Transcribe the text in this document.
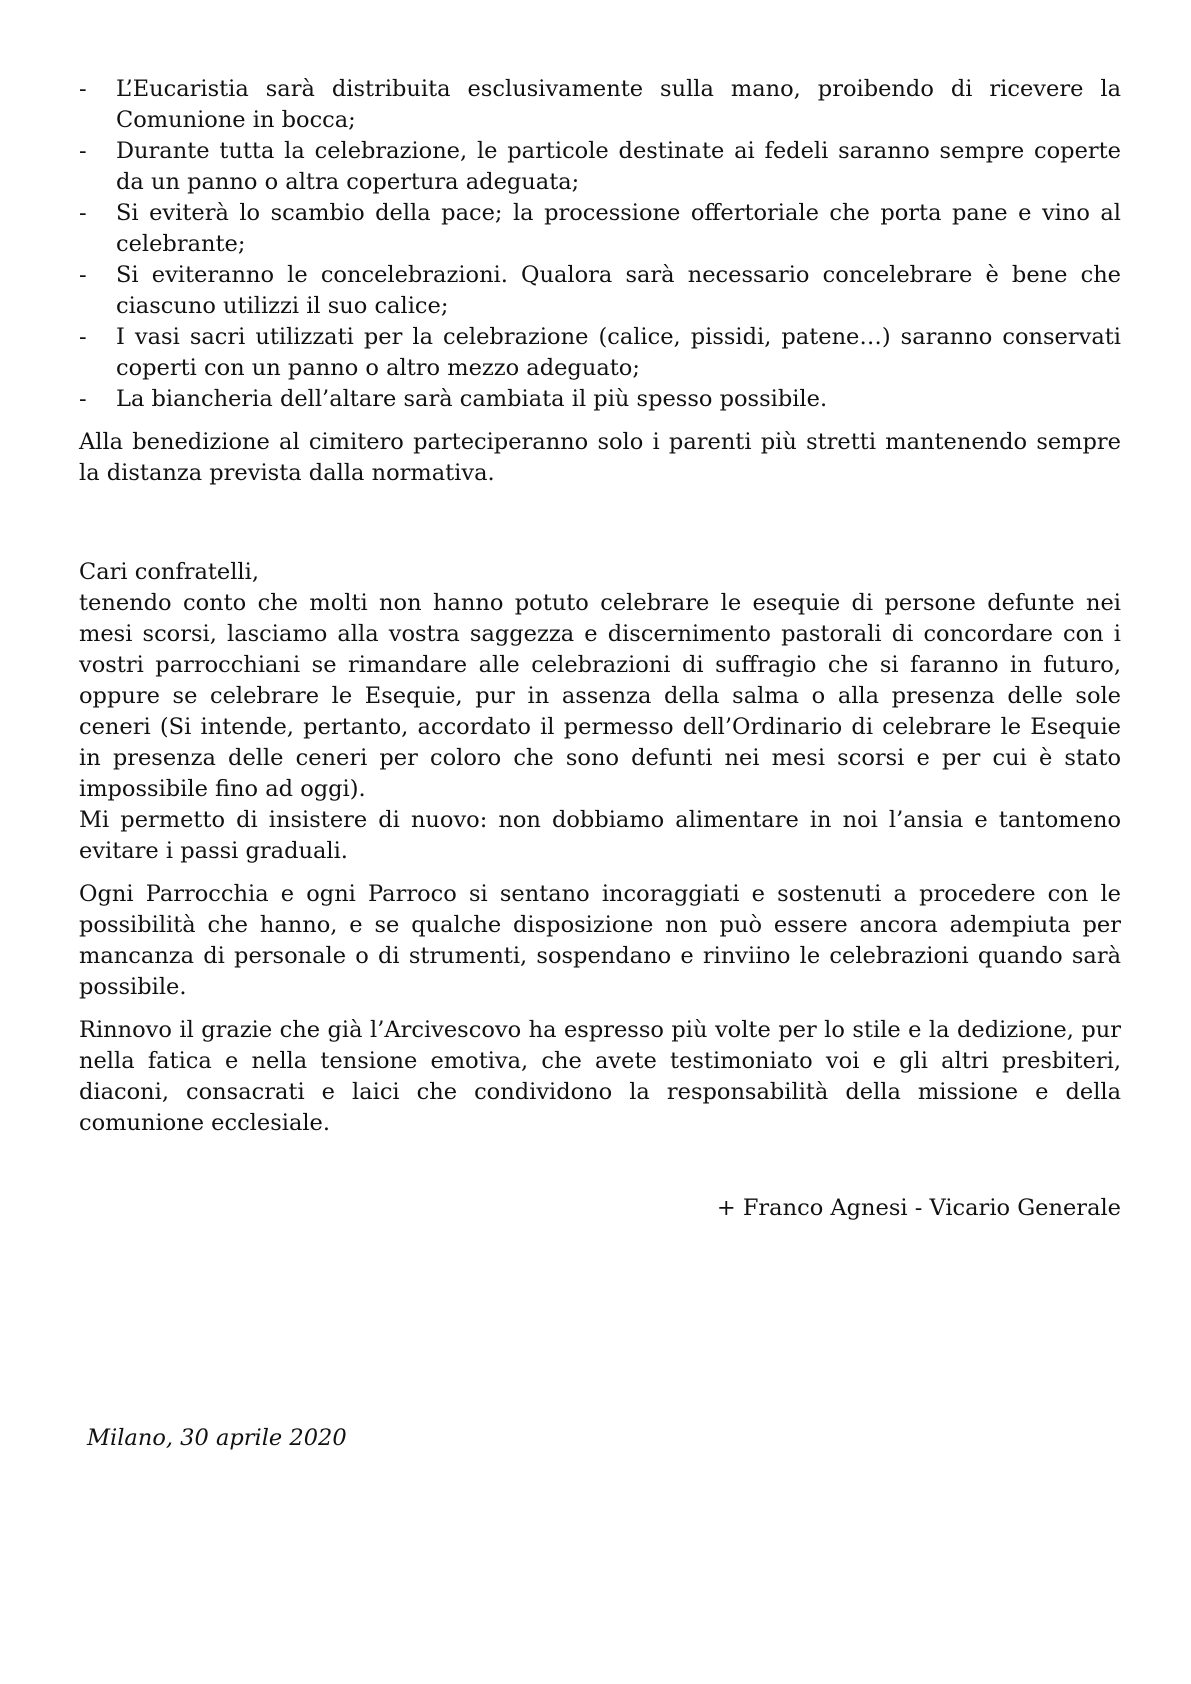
-	L’Eucaristia sarà distribuita esclusivamente sulla mano, proibendo di ricevere la Comunione in bocca;
-	Durante tutta la celebrazione, le particole destinate ai fedeli saranno sempre coperte da un panno o altra copertura adeguata;
-	Si eviterà lo scambio della pace; la processione offertoriale che porta pane e vino al celebrante;
-	Si eviteranno le concelebrazioni. Qualora sarà necessario concelebrare è bene che ciascuno utilizzi il suo calice;
-	I vasi sacri utilizzati per la celebrazione (calice, pissidi, patene…) saranno conservati coperti con un panno o altro mezzo adeguato;
-	La biancheria dell’altare sarà cambiata il più spesso possibile.

Alla benedizione al cimitero parteciperanno solo i parenti più stretti mantenendo sempre la distanza prevista dalla normativa.

Cari confratelli,

tenendo conto che molti non hanno potuto celebrare le esequie di persone defunte nei mesi scorsi, lasciamo alla vostra saggezza e discernimento pastorali di concordare con i vostri parrocchiani se rimandare alle celebrazioni di suffragio che si faranno in futuro, oppure se celebrare le Esequie, pur in assenza della salma o alla presenza delle sole ceneri (Si intende, pertanto, accordato il permesso dell’Ordinario di celebrare le Esequie in presenza delle ceneri per coloro che sono defunti nei mesi scorsi e per cui è stato impossibile fino ad oggi).

Mi permetto di insistere di nuovo: non dobbiamo alimentare in noi l’ansia e tantomeno evitare i passi graduali.

Ogni Parrocchia e ogni Parroco si sentano incoraggiati e sostenuti a procedere con le possibilità che hanno, e se qualche disposizione non può essere ancora adempiuta per mancanza di personale o di strumenti, sospendano e rinviino le celebrazioni quando sarà possibile.

Rinnovo il grazie che già l’Arcivescovo ha espresso più volte per lo stile e la dedizione, pur nella fatica e nella tensione emotiva, che avete testimoniato voi e gli altri presbiteri, diaconi, consacrati e laici che condividono la responsabilità della missione e della comunione ecclesiale.

+ Franco Agnesi - Vicario Generale
Milano, 30 aprile 2020
